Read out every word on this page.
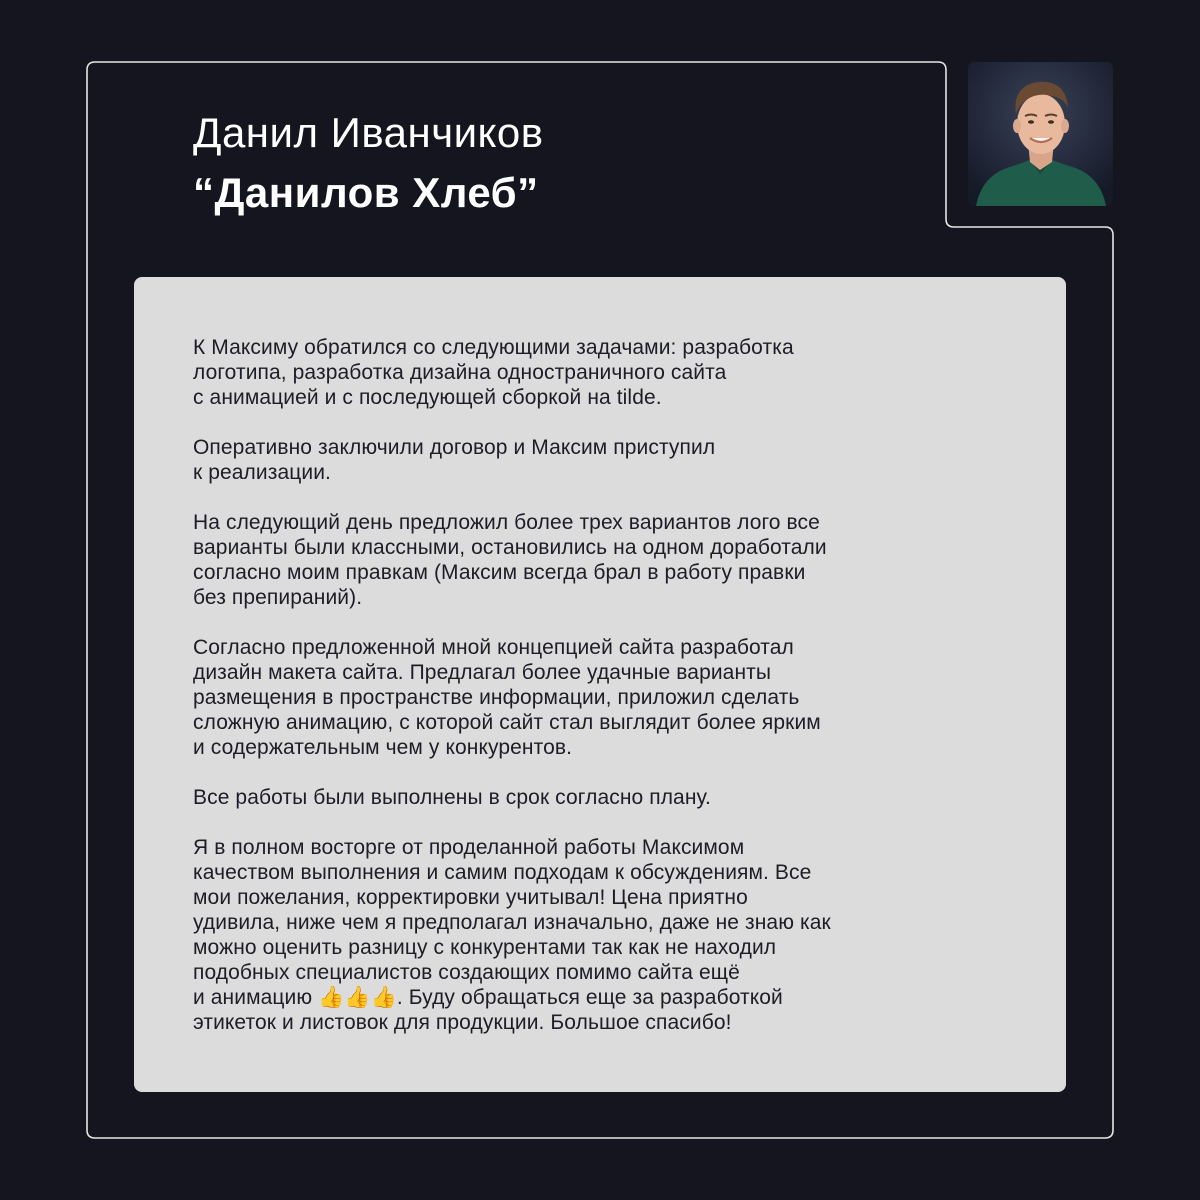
Данил Иванчиков
“Данилов Хлеб”

К Максиму обратился со следующими задачами: разработка
логотипа, разработка дизайна одностраничного сайта
с анимацией и с последующей сборкой на tilde.

Оперативно заключили договор и Максим приступил
к реализации.

На следующий день предложил более трех вариантов лого все
варианты были классными, остановились на одном доработали
согласно моим правкам (Максим всегда брал в работу правки
без препираний).

Согласно предложенной мной концепцией сайта разработал
дизайн макета сайта. Предлагал более удачные варианты
размещения в пространстве информации, приложил сделать
сложную анимацию, с которой сайт стал выглядит более ярким
и содержательным чем у конкурентов.

Все работы были выполнены в срок согласно плану.

Я в полном восторге от проделанной работы Максимом
качеством выполнения и самим подходам к обсуждениям. Все
мои пожелания, корректировки учитывал! Цена приятно
удивила, ниже чем я предполагал изначально, даже не знаю как
можно оценить разницу с конкурентами так как не находил
подобных специалистов создающих помимо сайта ещё
и анимацию 👍👍👍. Буду обращаться еще за разработкой
этикеток и листовок для продукции. Большое спасибо!
